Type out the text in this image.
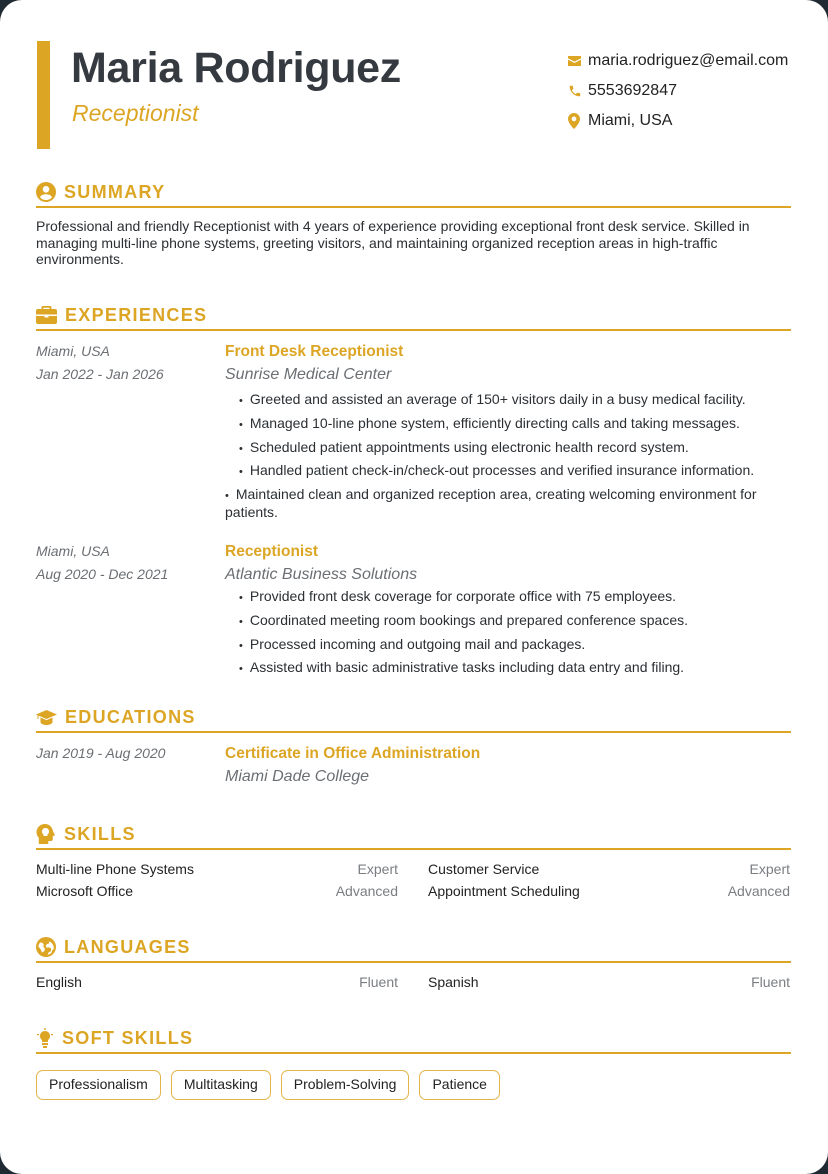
Maria Rodriguez
Receptionist
maria.rodriguez@email.com
5553692847
Miami, USA
SUMMARY

Professional and friendly Receptionist with 4 years of experience providing exceptional front desk service. Skilled in managing multi-line phone systems, greeting visitors, and maintaining organized reception areas in high-traffic environments.

EXPERIENCES
Miami, USA
Jan 2022 - Jan 2026
Front Desk Receptionist
Sunrise Medical Center
• Greeted and assisted an average of 150+ visitors daily in a busy medical facility.
• Managed 10-line phone system, efficiently directing calls and taking messages.
• Scheduled patient appointments using electronic health record system.
• Handled patient check-in/check-out processes and verified insurance information.
• Maintained clean and organized reception area, creating welcoming environment for patients.
Miami, USA
Aug 2020 - Dec 2021
Receptionist
Atlantic Business Solutions
• Provided front desk coverage for corporate office with 75 employees.
• Coordinated meeting room bookings and prepared conference spaces.
• Processed incoming and outgoing mail and packages.
• Assisted with basic administrative tasks including data entry and filing.
EDUCATIONS
Jan 2019 - Aug 2020	Certificate in Office Administration
Miami Dade College
SKILLS
Multi-line Phone Systems	Expert Customer Service	Expert
Microsoft Office	Advanced Appointment Scheduling	Advanced
LANGUAGES
English	Fluent Spanish	Fluent
SOFT SKILLS
Professionalism	Multitasking	Problem-Solving	Patience
